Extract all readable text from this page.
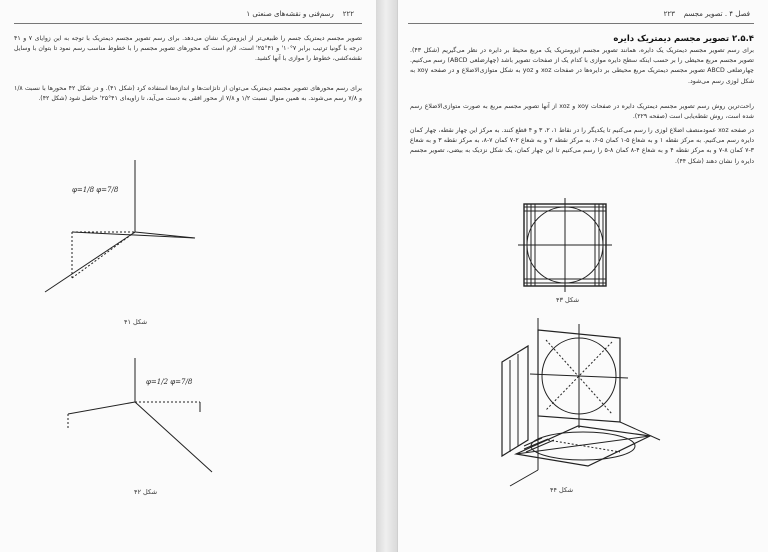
۲۲۲    رسم‌فنی و نقشه‌های صنعتی ۱
تصویر مجسم دیمتریک جسم را طبیعی‌تر از ایزومتریک نشان می‌دهد. برای رسم تصویر مجسم دیمتریک با توجه به این زوایای ۷ و ۴۱ درجه با گونیا ترتیب برابر ۷°۱۰' و ۴۱°۲۵' است، لازم است که محورهای تصویر مجسم را با خطوط مناسب رسم نمود تا بتوان با وسایل نقشه‌کشی، خطوط را موازی با آنها کشید.
برای رسم محورهای تصویر مجسم دیمتریک می‌توان از تانژانت‌ها و اندازه‌ها استفاده کرد (شکل ۴۱). و در شکل ۴۲ محورها با نسبت ۱/۸ و ۷/۸ رسم می‌شوند. به همین منوال نسبت ۱/۲ و ۷/۸ از محور افقی به دست می‌آید، تا زاویه‌ای ۴۱°۲۵' حاصل شود (شکل ۴۲).
φ=1/8 φ=7/8
شکل ۴۱
φ=1/2 φ=7/8
شکل ۴۲
فصل ۴ . تصویر مجسم    ۲۲۳
۲.۵.۴ تصویر مجسم دیمتریک دایره
برای رسم تصویر مجسم دیمتریک یک دایره، همانند تصویر مجسم ایزومتریک یک مربع محیط بر دایره در نظر می‌گیریم (شکل ۴۳). تصویر مجسم مربع محیطی را بر حسب اینکه سطح دایره موازی با کدام یک از صفحات تصویر باشد (چهارضلعی ABCD) رسم می‌کنیم. چهارضلعی ABCD تصویر مجسم دیمتریک مربع محیطی بر دایره‌ها در صفحات xoz و yoz به شکل متوازی‌الاضلاع و در صفحه xoy به شکل لوزی رسم می‌شود.
راحت‌ترین روش رسم تصویر مجسم دیمتریک دایره در صفحات xoy و xoz از آنها تصویر مجسم مربع به صورت متوازی‌الاضلاع رسم شده است، روش تقطه‌یابی است (صفحه ۲۲۹).
در صفحه xoz عمودمنصف اضلاع لوزی را رسم می‌کنیم تا یکدیگر را در نقاط ۱، ۲، ۳ و ۴ قطع کنند. به مرکز این چهار نقطه، چهار کمان دایره رسم می‌کنیم. به مرکز نقطه ۱ و به شعاع ۵-۱ کمان ۵-۶، به مرکز نقطه ۲ و به شعاع ۲-۷ کمان ۷-۸، به مرکز نقطه ۳ و به شعاع ۳-۷ کمان ۸-۷ و به مرکز نقطه ۴ و به شعاع ۴-۸ کمان ۸-۵ را رسم می‌کنیم تا این چهار کمان، یک شکل نزدیک به بیضی، تصویر مجسم دایره را نشان دهند (شکل ۴۴).
شکل ۴۳
شکل ۴۴
